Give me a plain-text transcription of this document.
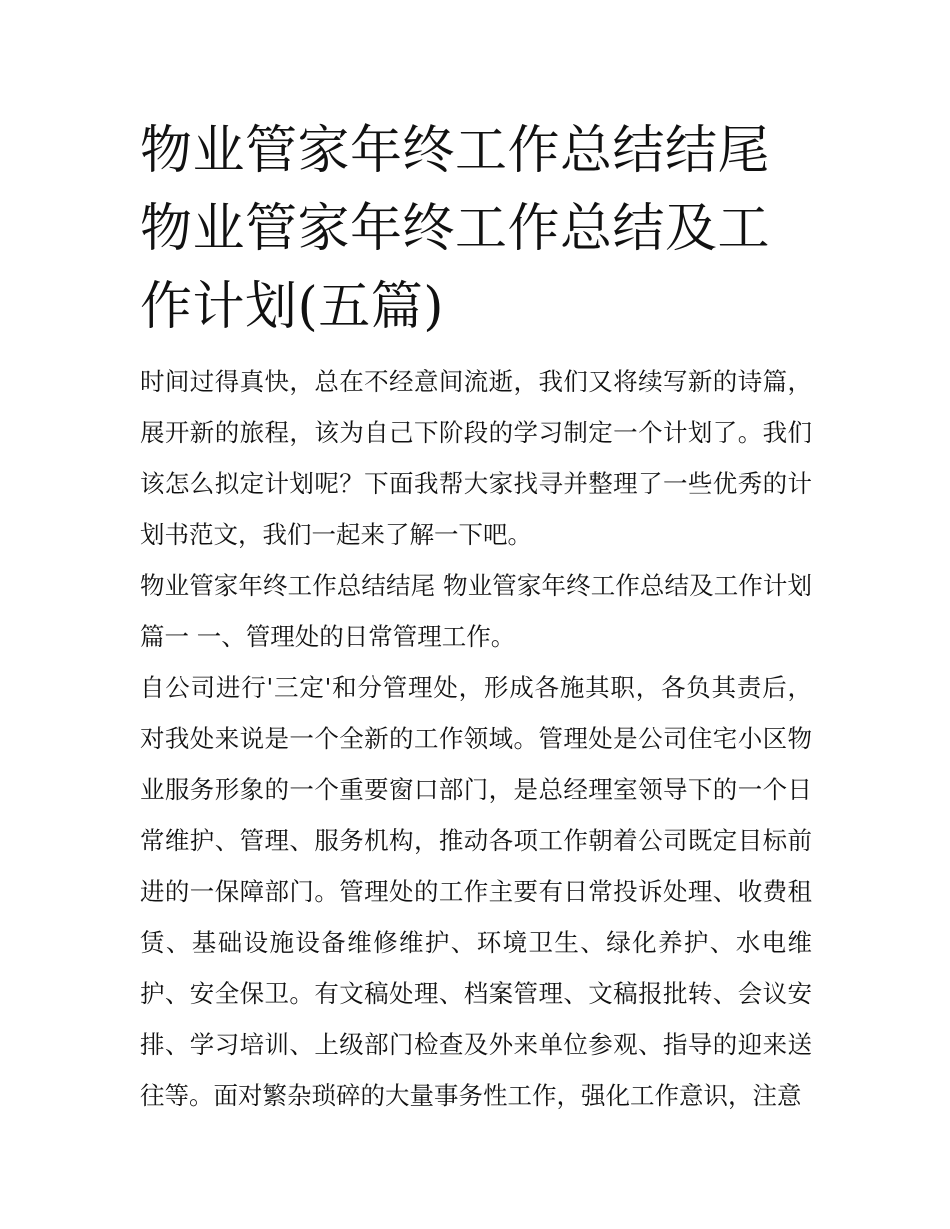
物业管家年终工作总结结尾 物业管家年终工作总结及工作计划(五篇)

时间过得真快，总在不经意间流逝，我们又将续写新的诗篇，展开新的旅程，该为自己下阶段的学习制定一个计划了。我们该怎么拟定计划呢？下面我帮大家找寻并整理了一些优秀的计划书范文，我们一起来了解一下吧。

物业管家年终工作总结结尾 物业管家年终工作总结及工作计划篇一 一、管理处的日常管理工作。

自公司进行'三定'和分管理处，形成各施其职，各负其责后，对我处来说是一个全新的工作领域。管理处是公司住宅小区物业服务形象的一个重要窗口部门，是总经理室领导下的一个日常维护、管理、服务机构，推动各项工作朝着公司既定目标前进的一保障部门。管理处的工作主要有日常投诉处理、收费租赁、基础设施设备维修维护、环境卫生、绿化养护、水电维护、安全保卫。有文稿处理、档案管理、文稿报批转、会议安排、学习培训、上级部门检查及外来单位参观、指导的迎来送往等。面对繁杂琐碎的大量事务性工作，强化工作意识，注意
